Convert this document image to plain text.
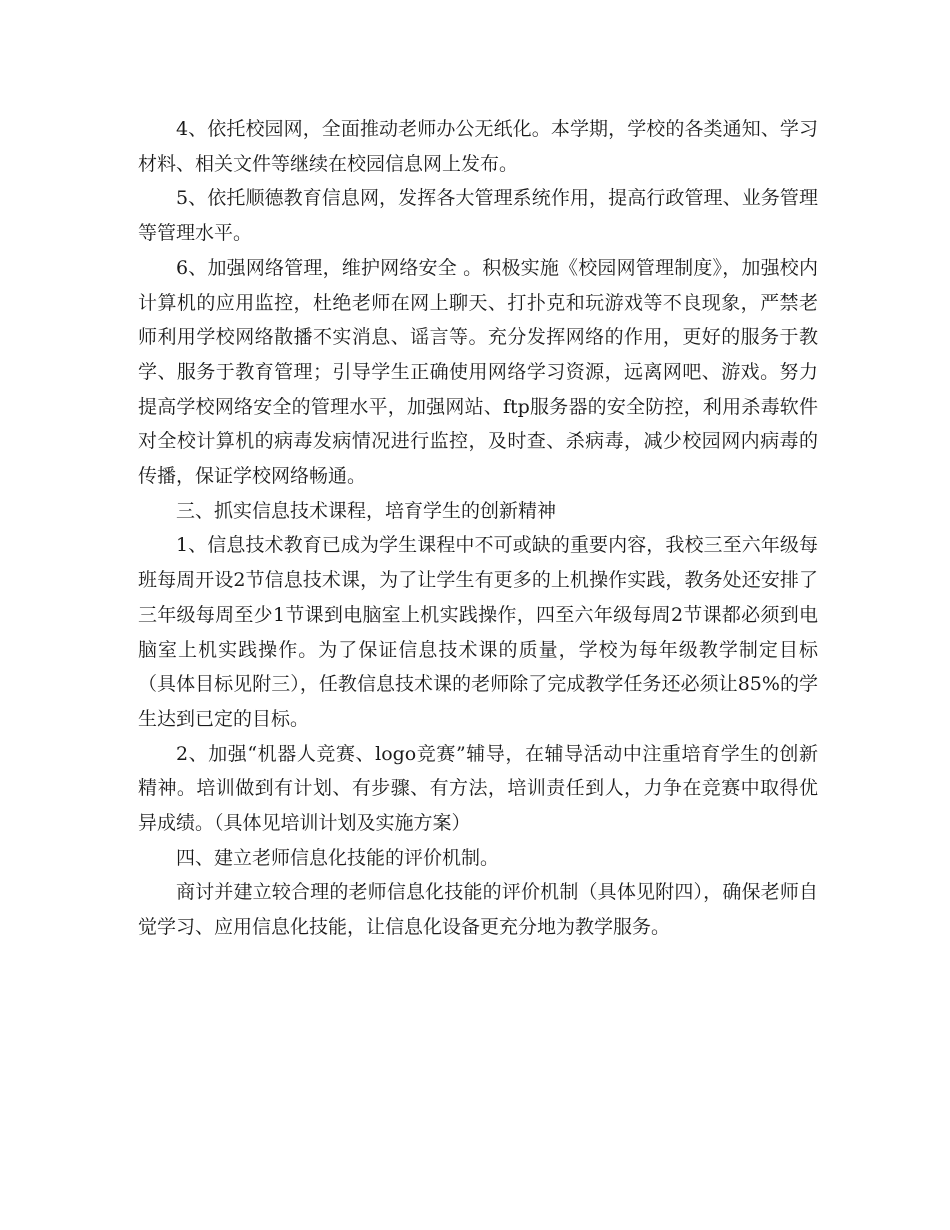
4、依托校园网，全面推动老师办公无纸化。本学期，学校的各类通知、学习材料、相关文件等继续在校园信息网上发布。

5、依托顺德教育信息网，发挥各大管理系统作用，提高行政管理、业务管理等管理水平。

6、加强网络管理，维护网络安全 。积极实施《校园网管理制度》，加强校内计算机的应用监控，杜绝老师在网上聊天、打扑克和玩游戏等不良现象，严禁老师利用学校网络散播不实消息、谣言等。充分发挥网络的作用，更好的服务于教学、服务于教育管理；引导学生正确使用网络学习资源，远离网吧、游戏。努力提高学校网络安全的管理水平，加强网站、ftp服务器的安全防控，利用杀毒软件对全校计算机的病毒发病情况进行监控，及时查、杀病毒，减少校园网内病毒的传播，保证学校网络畅通。

三、抓实信息技术课程，培育学生的创新精神

1、信息技术教育已成为学生课程中不可或缺的重要内容，我校三至六年级每班每周开设2节信息技术课，为了让学生有更多的上机操作实践，教务处还安排了三年级每周至少1节课到电脑室上机实践操作，四至六年级每周2节课都必须到电脑室上机实践操作。为了保证信息技术课的质量，学校为每年级教学制定目标（具体目标见附三），任教信息技术课的老师除了完成教学任务还必须让85%的学生达到已定的目标。

2、加强“机器人竞赛、logo竞赛”辅导，在辅导活动中注重培育学生的创新精神。培训做到有计划、有步骤、有方法，培训责任到人，力争在竞赛中取得优异成绩。（具体见培训计划及实施方案）

四、建立老师信息化技能的评价机制。

商讨并建立较合理的老师信息化技能的评价机制（具体见附四），确保老师自觉学习、应用信息化技能，让信息化设备更充分地为教学服务。
